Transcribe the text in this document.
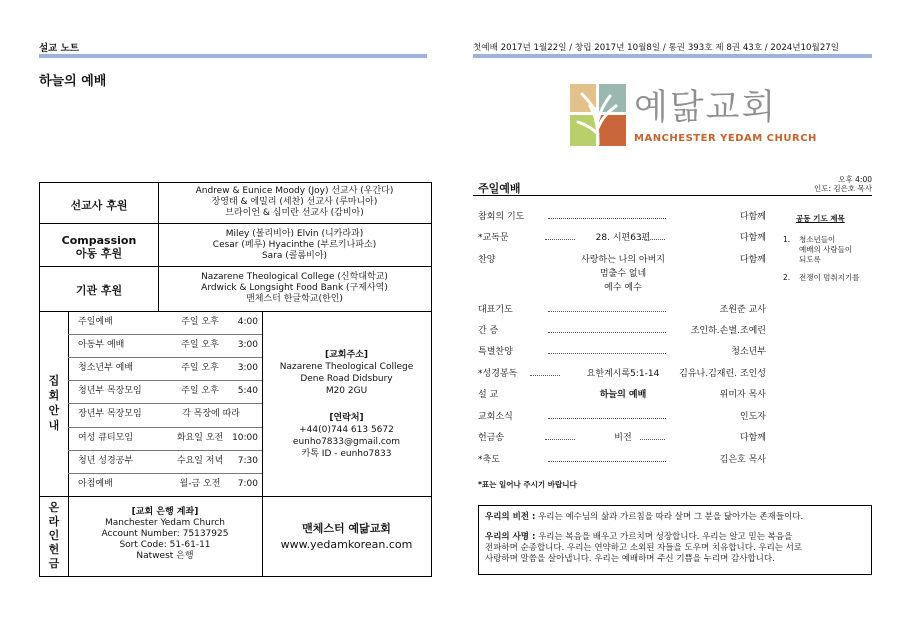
설교 노트	첫예배 2017년 1월22일 / 창립 2017년 10월8일 / 통권 393호 제 8권 43호 / 2024년10월27일
하늘의 예배
예닮교회
MANCHESTER YEDAM CHURCH
선교사 후원
Andrew & Eunice Moody (Joy) 선교사 (우간다)
장영태 & 에밀리 (세찬) 선교사 (루마니아)
브라이언 & 심미란 선교사 (감비아)
Compassion
아동 후원
Miley (볼리비아) Elvin (니카라과)
Cesar (페루) Hyacinthe (부르키나파소)
Sara (콜롬비아)
기관 후원
Nazarene Theological College (신학대학교)
Ardwick & Longsight Food Bank (구제사역)
맨체스터 한글학교(한인)
집
회
안
내
주일예배	주일 오후	4:00
아동부 예배	주일 오후	3:00
청소년부 예배	주일 오후	3:00
청년부 목장모임	주일 오후	5:40
장년부 목장모임	각 목장에 따라
여성 큐티모임	화요일 오전 10:00
청년 성경공부	수요일 저녁	7:30
아침예배	월-금 오전	7:00
[교회주소]
Nazarene Theological College
Dene Road Didsbury
M20 2GU
[연락처]
+44(0)744 613 5672
eunho7833@gmail.com
카톡 ID - eunho7833
온
라
인
헌
금
[교회 은행 계좌]
Manchester Yedam Church
Account Number: 75137925
Sort Code: 51-61-11
Natwest 은행
맨체스터 예닮교회
www.yedamkorean.com
주일예배
오후 4:00
인도: 김은호 목사
참회의 기도	다함께
*교독문	28. 시편63편	다함께
찬양	사랑하는 나의 아버지	다함께
멈출수 없네
예수 예수
대표기도	조원준 교사
간 증	조인하.손별.조예린
특별찬양	청소년부
*성경봉독	요한계시록5:1-14	김유나.김재린. 조인성
설 교	하늘의 예배	위미자 목사
교회소식	인도자
헌금송	비전	다함께
*축도	김은호 목사
*표는 일어나 주시기 바랍니다
공동 기도 제목
1. 청소년들이
예배의 사람들이
되도록
2. 전쟁이 멈춰지기를
우리의 비전 : 우리는 예수님의 삶과 가르침을 따라 살며 그 분을 닮아가는 존재들이다.
우리의 사명 : 우리는 복음을 배우고 가르치며 성장합니다. 우리는 알고 믿는 복음을
전파하며 순종합니다. 우리는 연약하고 소외된 자들을 도우며 치유합니다. 우리는 서로
사랑하며 말씀을 살아냅니다. 우리는 예배하며 주신 기쁨을 누리며 감사합니다.
